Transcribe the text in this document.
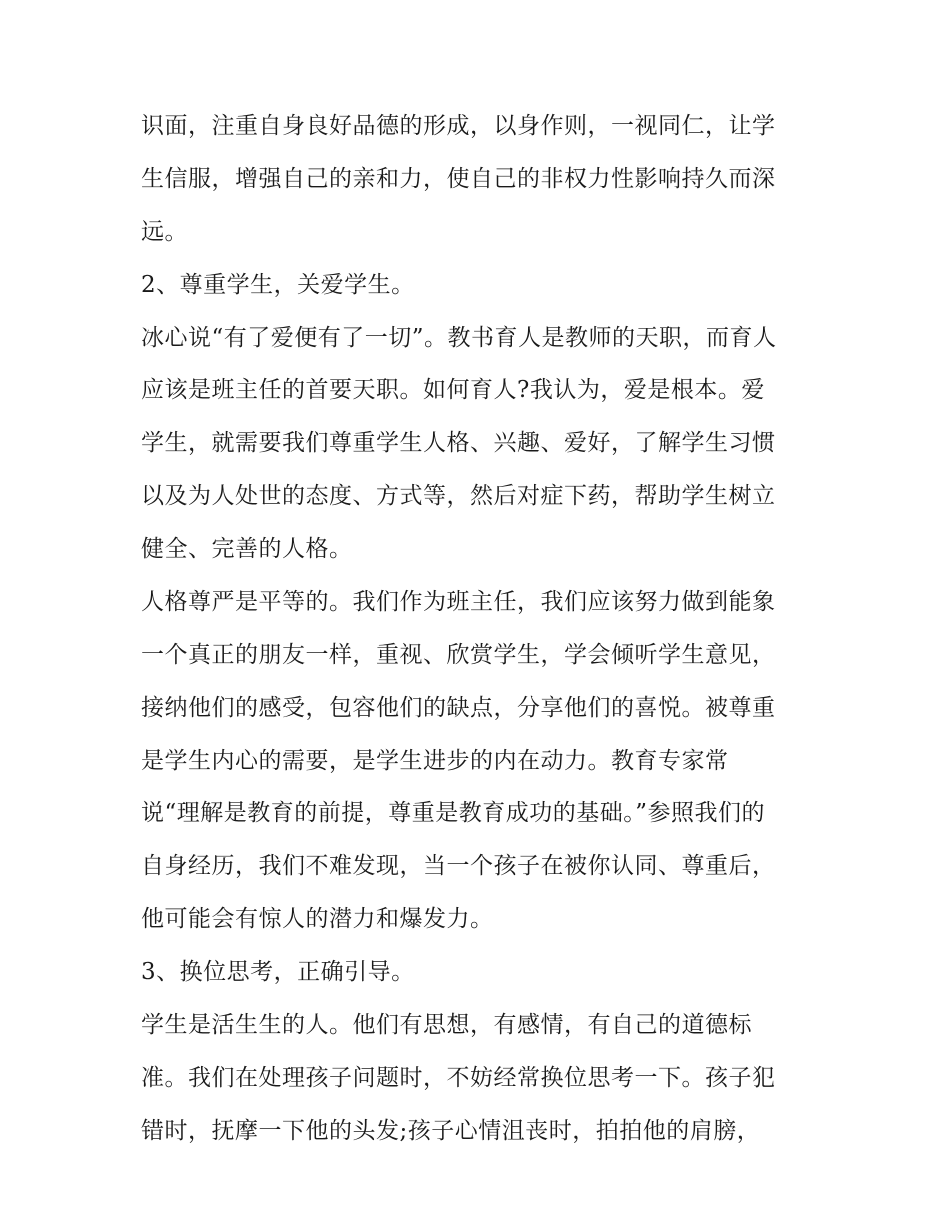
识面，注重自身良好品德的形成，以身作则，一视同仁，让学
生信服，增强自己的亲和力，使自己的非权力性影响持久而深
远。
2、尊重学生，关爱学生。
冰心说“有了爱便有了一切”。教书育人是教师的天职，而育人
应该是班主任的首要天职。如何育人?我认为，爱是根本。爱
学生，就需要我们尊重学生人格、兴趣、爱好，了解学生习惯
以及为人处世的态度、方式等，然后对症下药，帮助学生树立
健全、完善的人格。
人格尊严是平等的。我们作为班主任，我们应该努力做到能象
一个真正的朋友一样，重视、欣赏学生，学会倾听学生意见，
接纳他们的感受，包容他们的缺点，分享他们的喜悦。被尊重
是学生内心的需要，是学生进步的内在动力。教育专家常
说“理解是教育的前提，尊重是教育成功的基础。”参照我们的
自身经历，我们不难发现，当一个孩子在被你认同、尊重后，
他可能会有惊人的潜力和爆发力。
3、换位思考，正确引导。
学生是活生生的人。他们有思想，有感情，有自己的道德标
准。我们在处理孩子问题时，不妨经常换位思考一下。孩子犯
错时，抚摩一下他的头发;孩子心情沮丧时，拍拍他的肩膀，
